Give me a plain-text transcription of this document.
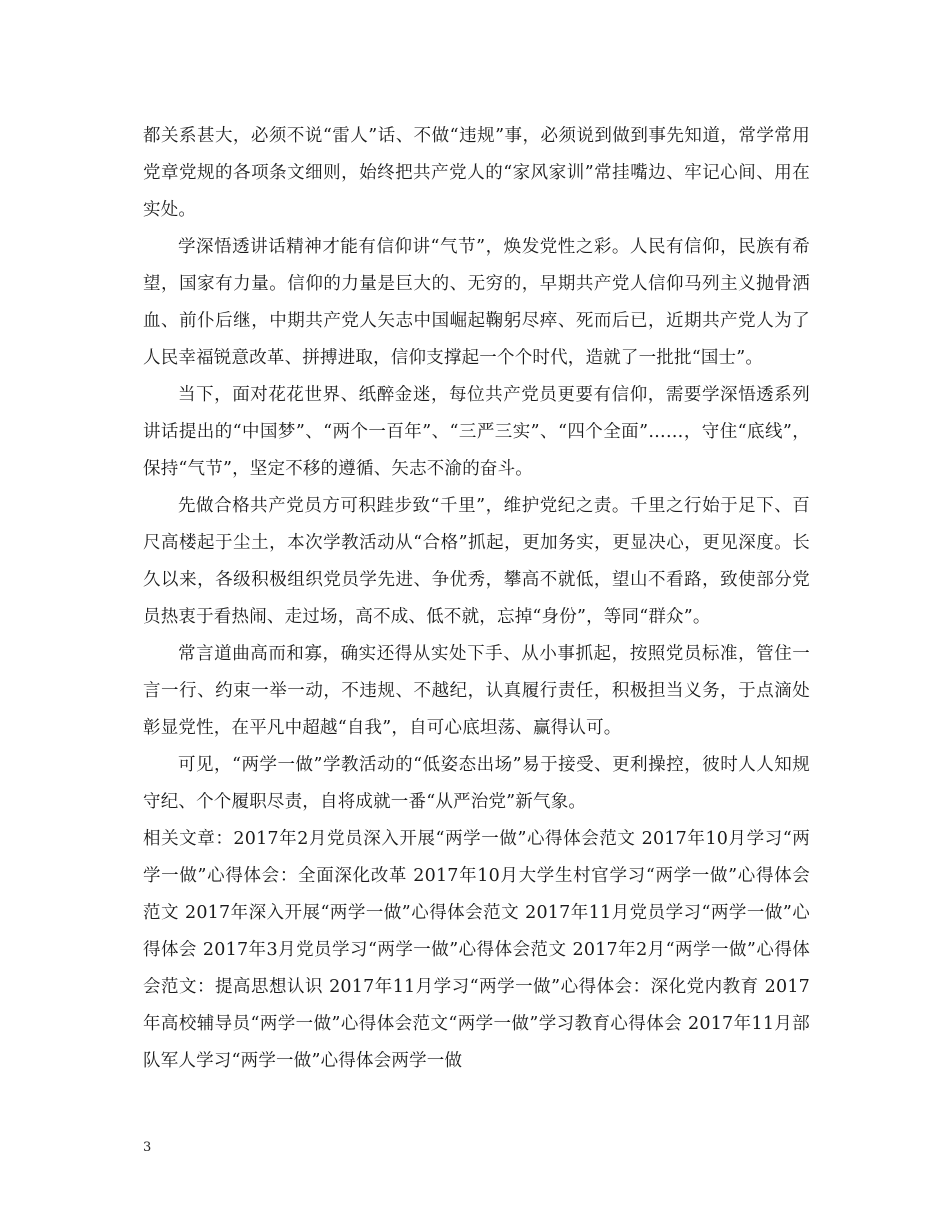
都关系甚大，必须不说“雷人”话、不做“违规”事，必须说到做到事先知道，常学常用党章党规的各项条文细则，始终把共产党人的“家风家训”常挂嘴边、牢记心间、用在实处。

学深悟透讲话精神才能有信仰讲“气节”，焕发党性之彩。人民有信仰，民族有希望，国家有力量。信仰的力量是巨大的、无穷的，早期共产党人信仰马列主义抛骨洒血、前仆后继，中期共产党人矢志中国崛起鞠躬尽瘁、死而后已，近期共产党人为了人民幸福锐意改革、拼搏进取，信仰支撑起一个个时代，造就了一批批“国士”。

当下，面对花花世界、纸醉金迷，每位共产党员更要有信仰，需要学深悟透系列讲话提出的“中国梦”、“两个一百年”、“三严三实”、“四个全面”……，守住“底线”，保持“气节”，坚定不移的遵循、矢志不渝的奋斗。

先做合格共产党员方可积跬步致“千里”，维护党纪之责。千里之行始于足下、百尺高楼起于尘土，本次学教活动从“合格”抓起，更加务实，更显决心，更见深度。长久以来，各级积极组织党员学先进、争优秀，攀高不就低，望山不看路，致使部分党员热衷于看热闹、走过场，高不成、低不就，忘掉“身份”，等同“群众”。

常言道曲高而和寡，确实还得从实处下手、从小事抓起，按照党员标准，管住一言一行、约束一举一动，不违规、不越纪，认真履行责任，积极担当义务，于点滴处彰显党性，在平凡中超越“自我”，自可心底坦荡、赢得认可。

可见，“两学一做”学教活动的“低姿态出场”易于接受、更利操控，彼时人人知规守纪、个个履职尽责，自将成就一番“从严治党”新气象。

相关文章：2017年2月党员深入开展“两学一做”心得体会范文 2017年10月学习“两学一做”心得体会：全面深化改革 2017年10月大学生村官学习“两学一做”心得体会范文 2017年深入开展“两学一做”心得体会范文 2017年11月党员学习“两学一做”心得体会 2017年3月党员学习“两学一做”心得体会范文 2017年2月“两学一做”心得体会范文：提高思想认识 2017年11月学习“两学一做”心得体会：深化党内教育 2017年高校辅导员“两学一做”心得体会范文“两学一做”学习教育心得体会 2017年11月部队军人学习“两学一做”心得体会两学一做

3
